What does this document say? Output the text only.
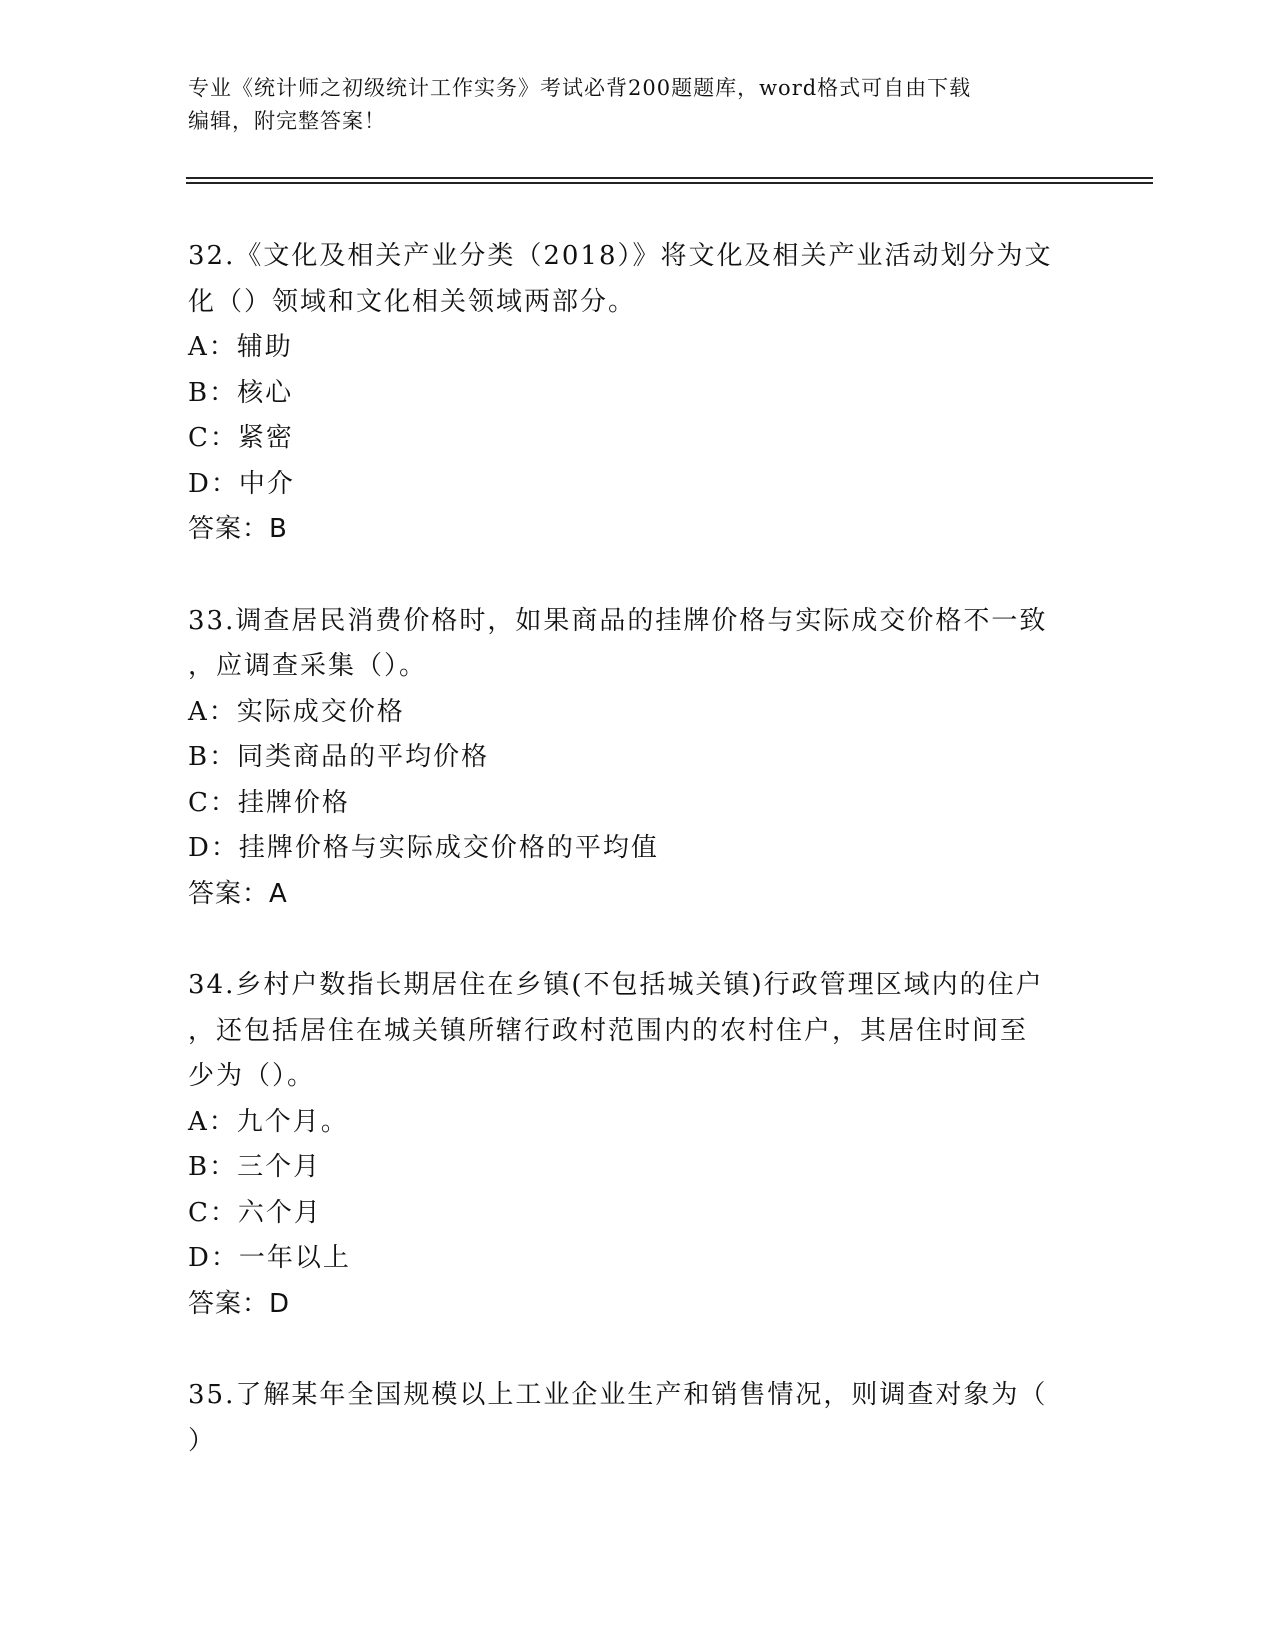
专业《统计师之初级统计工作实务》考试必背200题题库，word格式可自由下载
编辑，附完整答案！
32.《文化及相关产业分类（2018）》将文化及相关产业活动划分为文
化（）领域和文化相关领域两部分。
A：辅助
B：核心
C：紧密
D：中介
答案：B
33.调查居民消费价格时，如果商品的挂牌价格与实际成交价格不一致
，应调查采集（）。
A：实际成交价格
B：同类商品的平均价格
C：挂牌价格
D：挂牌价格与实际成交价格的平均值
答案：A
34.乡村户数指长期居住在乡镇(不包括城关镇)行政管理区域内的住户
，还包括居住在城关镇所辖行政村范围内的农村住户，其居住时间至
少为（）。
A：九个月。
B：三个月
C：六个月
D：一年以上
答案：D
35.了解某年全国规模以上工业企业生产和销售情况，则调查对象为（
）
